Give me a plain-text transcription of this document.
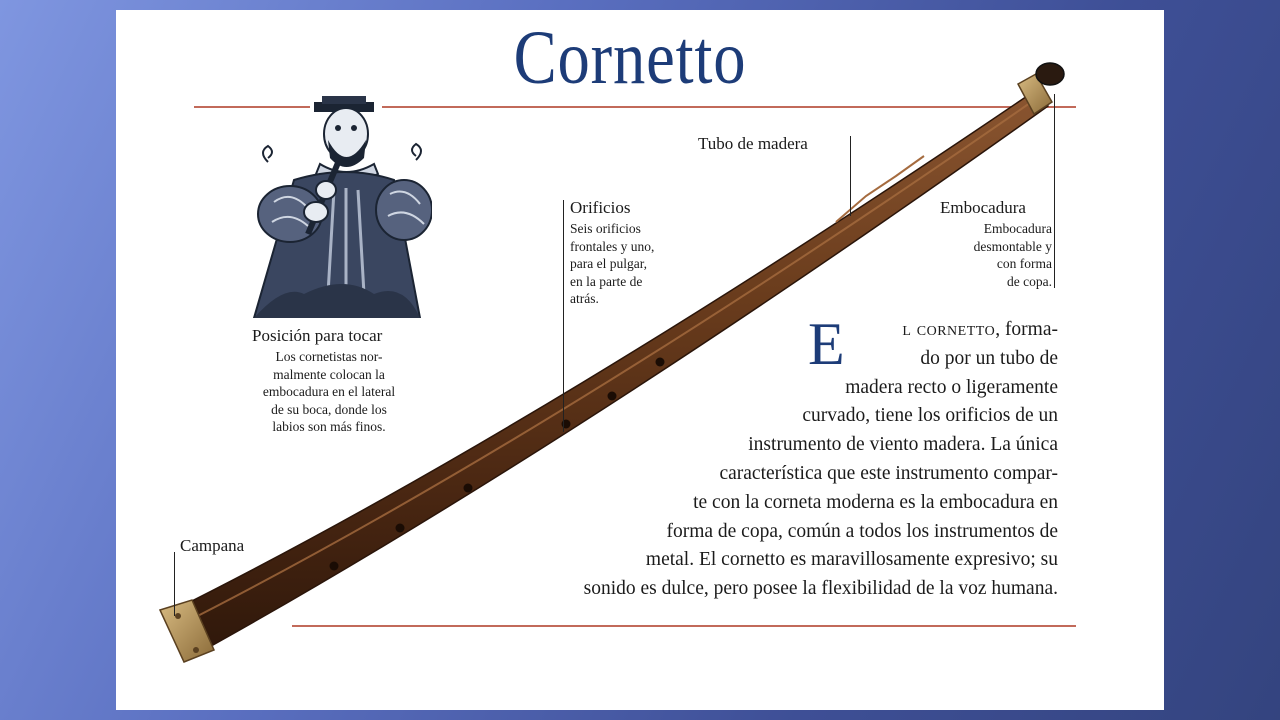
Cornetto
Posición para tocar
Los cornetistas nor-
malmente colocan la
embocadura en el lateral
de su boca, donde los
labios son más finos.
Tubo de madera
Orificios
Seis orificios
frontales y uno,
para el pulgar,
en la parte de
atrás.
Embocadura
Embocadura
desmontable y
con forma
de copa.
Campana
E	l cornetto, forma-
do por un tubo de
madera recto o ligeramente
curvado, tiene los orificios de un
instrumento de viento madera. La única
característica que este instrumento compar-
te con la corneta moderna es la embocadura en
forma de copa, común a todos los instrumentos de
metal. El cornetto es maravillosamente expresivo; su
sonido es dulce, pero posee la flexibilidad de la voz humana.
